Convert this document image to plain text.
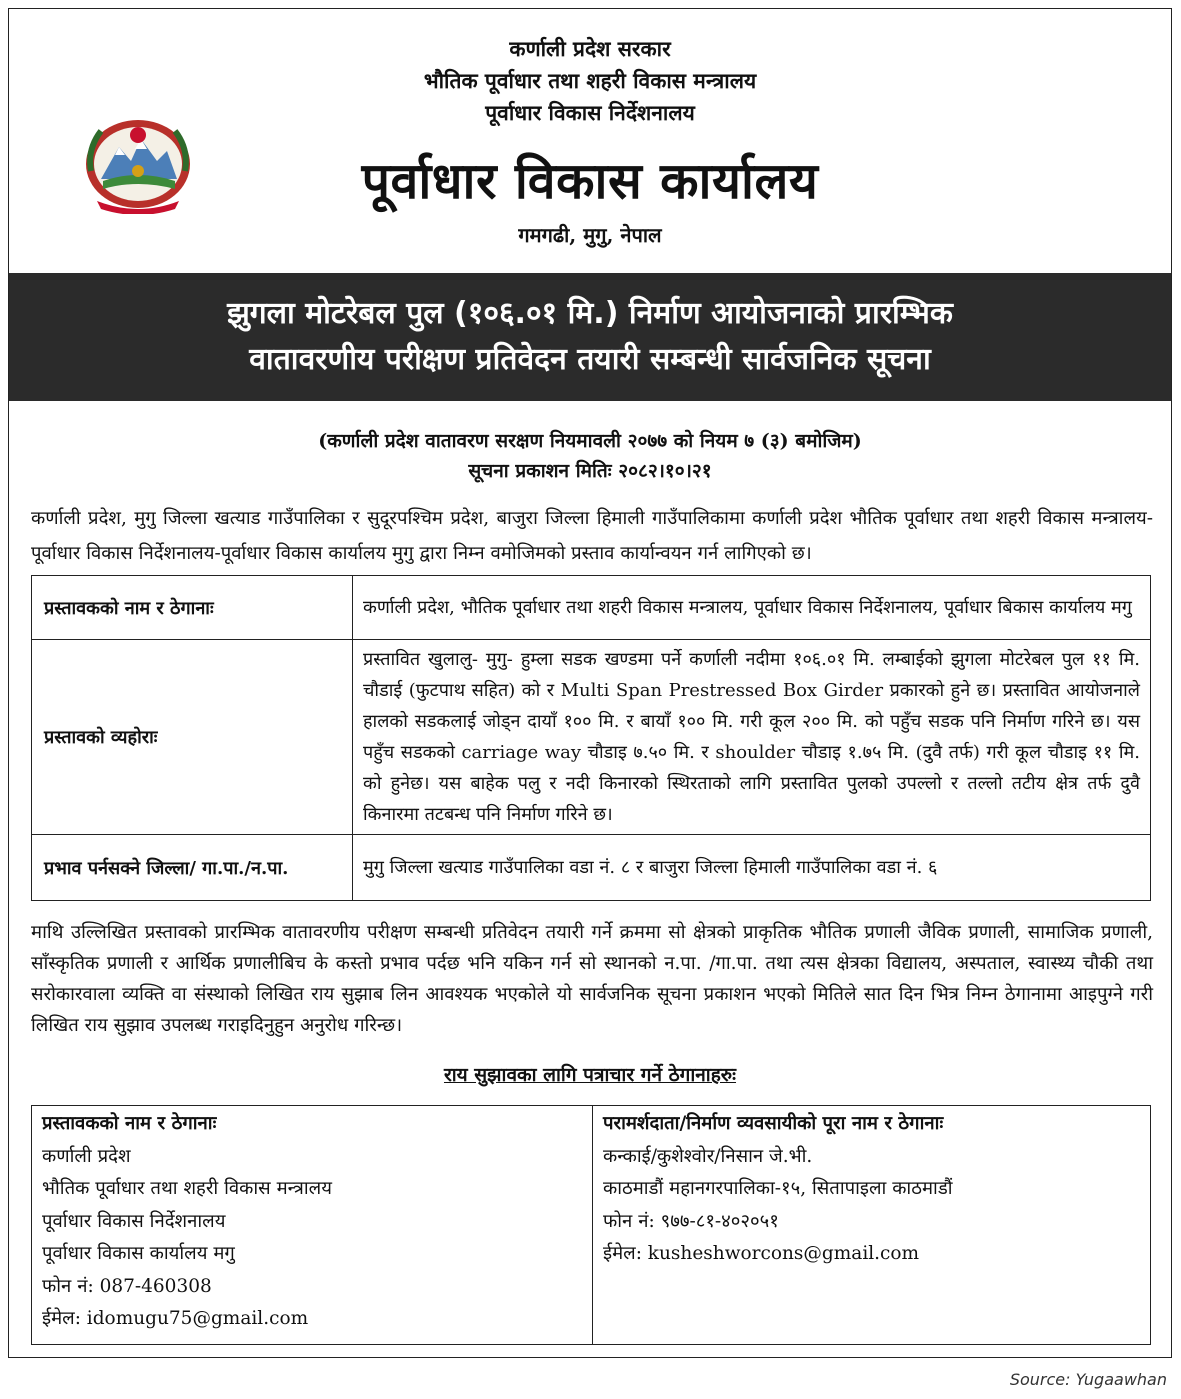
कर्णाली प्रदेश सरकार
भौतिक पूर्वाधार तथा शहरी विकास मन्त्रालय
पूर्वाधार विकास निर्देशनालय
पूर्वाधार विकास कार्यालय
गमगढी, मुगु, नेपाल
झुगला मोटरेबल पुल (१०६.०१ मि.) निर्माण आयोजनाको प्रारम्भिक
वातावरणीय परीक्षण प्रतिवेदन तयारी सम्बन्धी सार्वजनिक सूचना
(कर्णाली प्रदेश वातावरण सरक्षण नियमावली २०७७ को नियम ७ (३) बमोजिम)
सूचना प्रकाशन मितिः २०८२।१०।२१
कर्णाली प्रदेश, मुगु जिल्ला खत्याड गाउँपालिका र सुदूरपश्चिम प्रदेश, बाजुरा जिल्ला हिमाली गाउँपालिकामा कर्णाली प्रदेश भौतिक पूर्वाधार तथा शहरी विकास मन्त्रालय-पूर्वाधार विकास निर्देशनालय-पूर्वाधार विकास कार्यालय मुगु द्वारा निम्न वमोजिमको प्रस्ताव कार्यान्वयन गर्न लागिएको छ।
प्रस्तावकको नाम र ठेगानाः	कर्णाली प्रदेश, भौतिक पूर्वाधार तथा शहरी विकास मन्त्रालय, पूर्वाधार विकास निर्देशनालय, पूर्वाधार बिकास कार्यालय मगु
प्रस्तावको व्यहोराः	प्रस्तावित खुलालु- मुगु- हुम्ला सडक खण्डमा पर्ने कर्णाली नदीमा १०६.०१ मि. लम्बाईको झुगला मोटरेबल पुल ११ मि. चौडाई (फुटपाथ सहित) को र Multi Span Prestressed Box Girder प्रकारको हुने छ। प्रस्तावित आयोजनाले हालको सडकलाई जोड्न दायाँ १०० मि. र बायाँ १०० मि. गरी कूल २०० मि. को पहुँच सडक पनि निर्माण गरिने छ। यस पहुँच सडकको carriage way चौडाइ ७.५० मि. र shoulder चौडाइ १.७५ मि. (दुवै तर्फ) गरी कूल चौडाइ ११ मि. को हुनेछ। यस बाहेक पलु र नदी किनारको स्थिरताको लागि प्रस्तावित पुलको उपल्लो र तल्लो तटीय क्षेत्र तर्फ दुवै किनारमा तटबन्ध पनि निर्माण गरिने छ।
प्रभाव पर्नसक्ने जिल्ला/ गा.पा./न.पा.	मुगु जिल्ला खत्याड गाउँपालिका वडा नं. ८ र बाजुरा जिल्ला हिमाली गाउँपालिका वडा नं. ६
माथि उल्लिखित प्रस्तावको प्रारम्भिक वातावरणीय परीक्षण सम्बन्धी प्रतिवेदन तयारी गर्ने क्रममा सो क्षेत्रको प्राकृतिक भौतिक प्रणाली जैविक प्रणाली, सामाजिक प्रणाली, साँस्कृतिक प्रणाली र आर्थिक प्रणालीबिच के कस्तो प्रभाव पर्दछ भनि यकिन गर्न सो स्थानको न.पा. /गा.पा. तथा त्यस क्षेत्रका विद्यालय, अस्पताल, स्वास्थ्य चौकी तथा सरोकारवाला व्यक्ति वा संस्थाको लिखित राय सुझाब लिन आवश्यक भएकोले यो सार्वजनिक सूचना प्रकाशन भएको मितिले सात दिन भित्र निम्न ठेगानामा आइपुग्ने गरी लिखित राय सुझाव उपलब्ध गराइदिनुहुन अनुरोध गरिन्छ।
राय सुझावका लागि पत्राचार गर्ने ठेगानाहरुः
प्रस्तावकको नाम र ठेगानाः
कर्णाली प्रदेश
भौतिक पूर्वाधार तथा शहरी विकास मन्त्रालय
पूर्वाधार विकास निर्देशनालय
पूर्वाधार विकास कार्यालय मगु
फोन नं: 087-460308
ईमेल: idomugu75@gmail.com

परामर्शदाता/निर्माण व्यवसायीको पूरा नाम र ठेगानाः
कन्काई/कुशेश्वोर/निसान जे.भी.
काठमाडौं महानगरपालिका-१५, सितापाइला काठमाडौं
फोन नं: ९७७-८१-४०२०५१
ईमेल: kusheshworcons@gmail.com
Source: Yugaawhan
